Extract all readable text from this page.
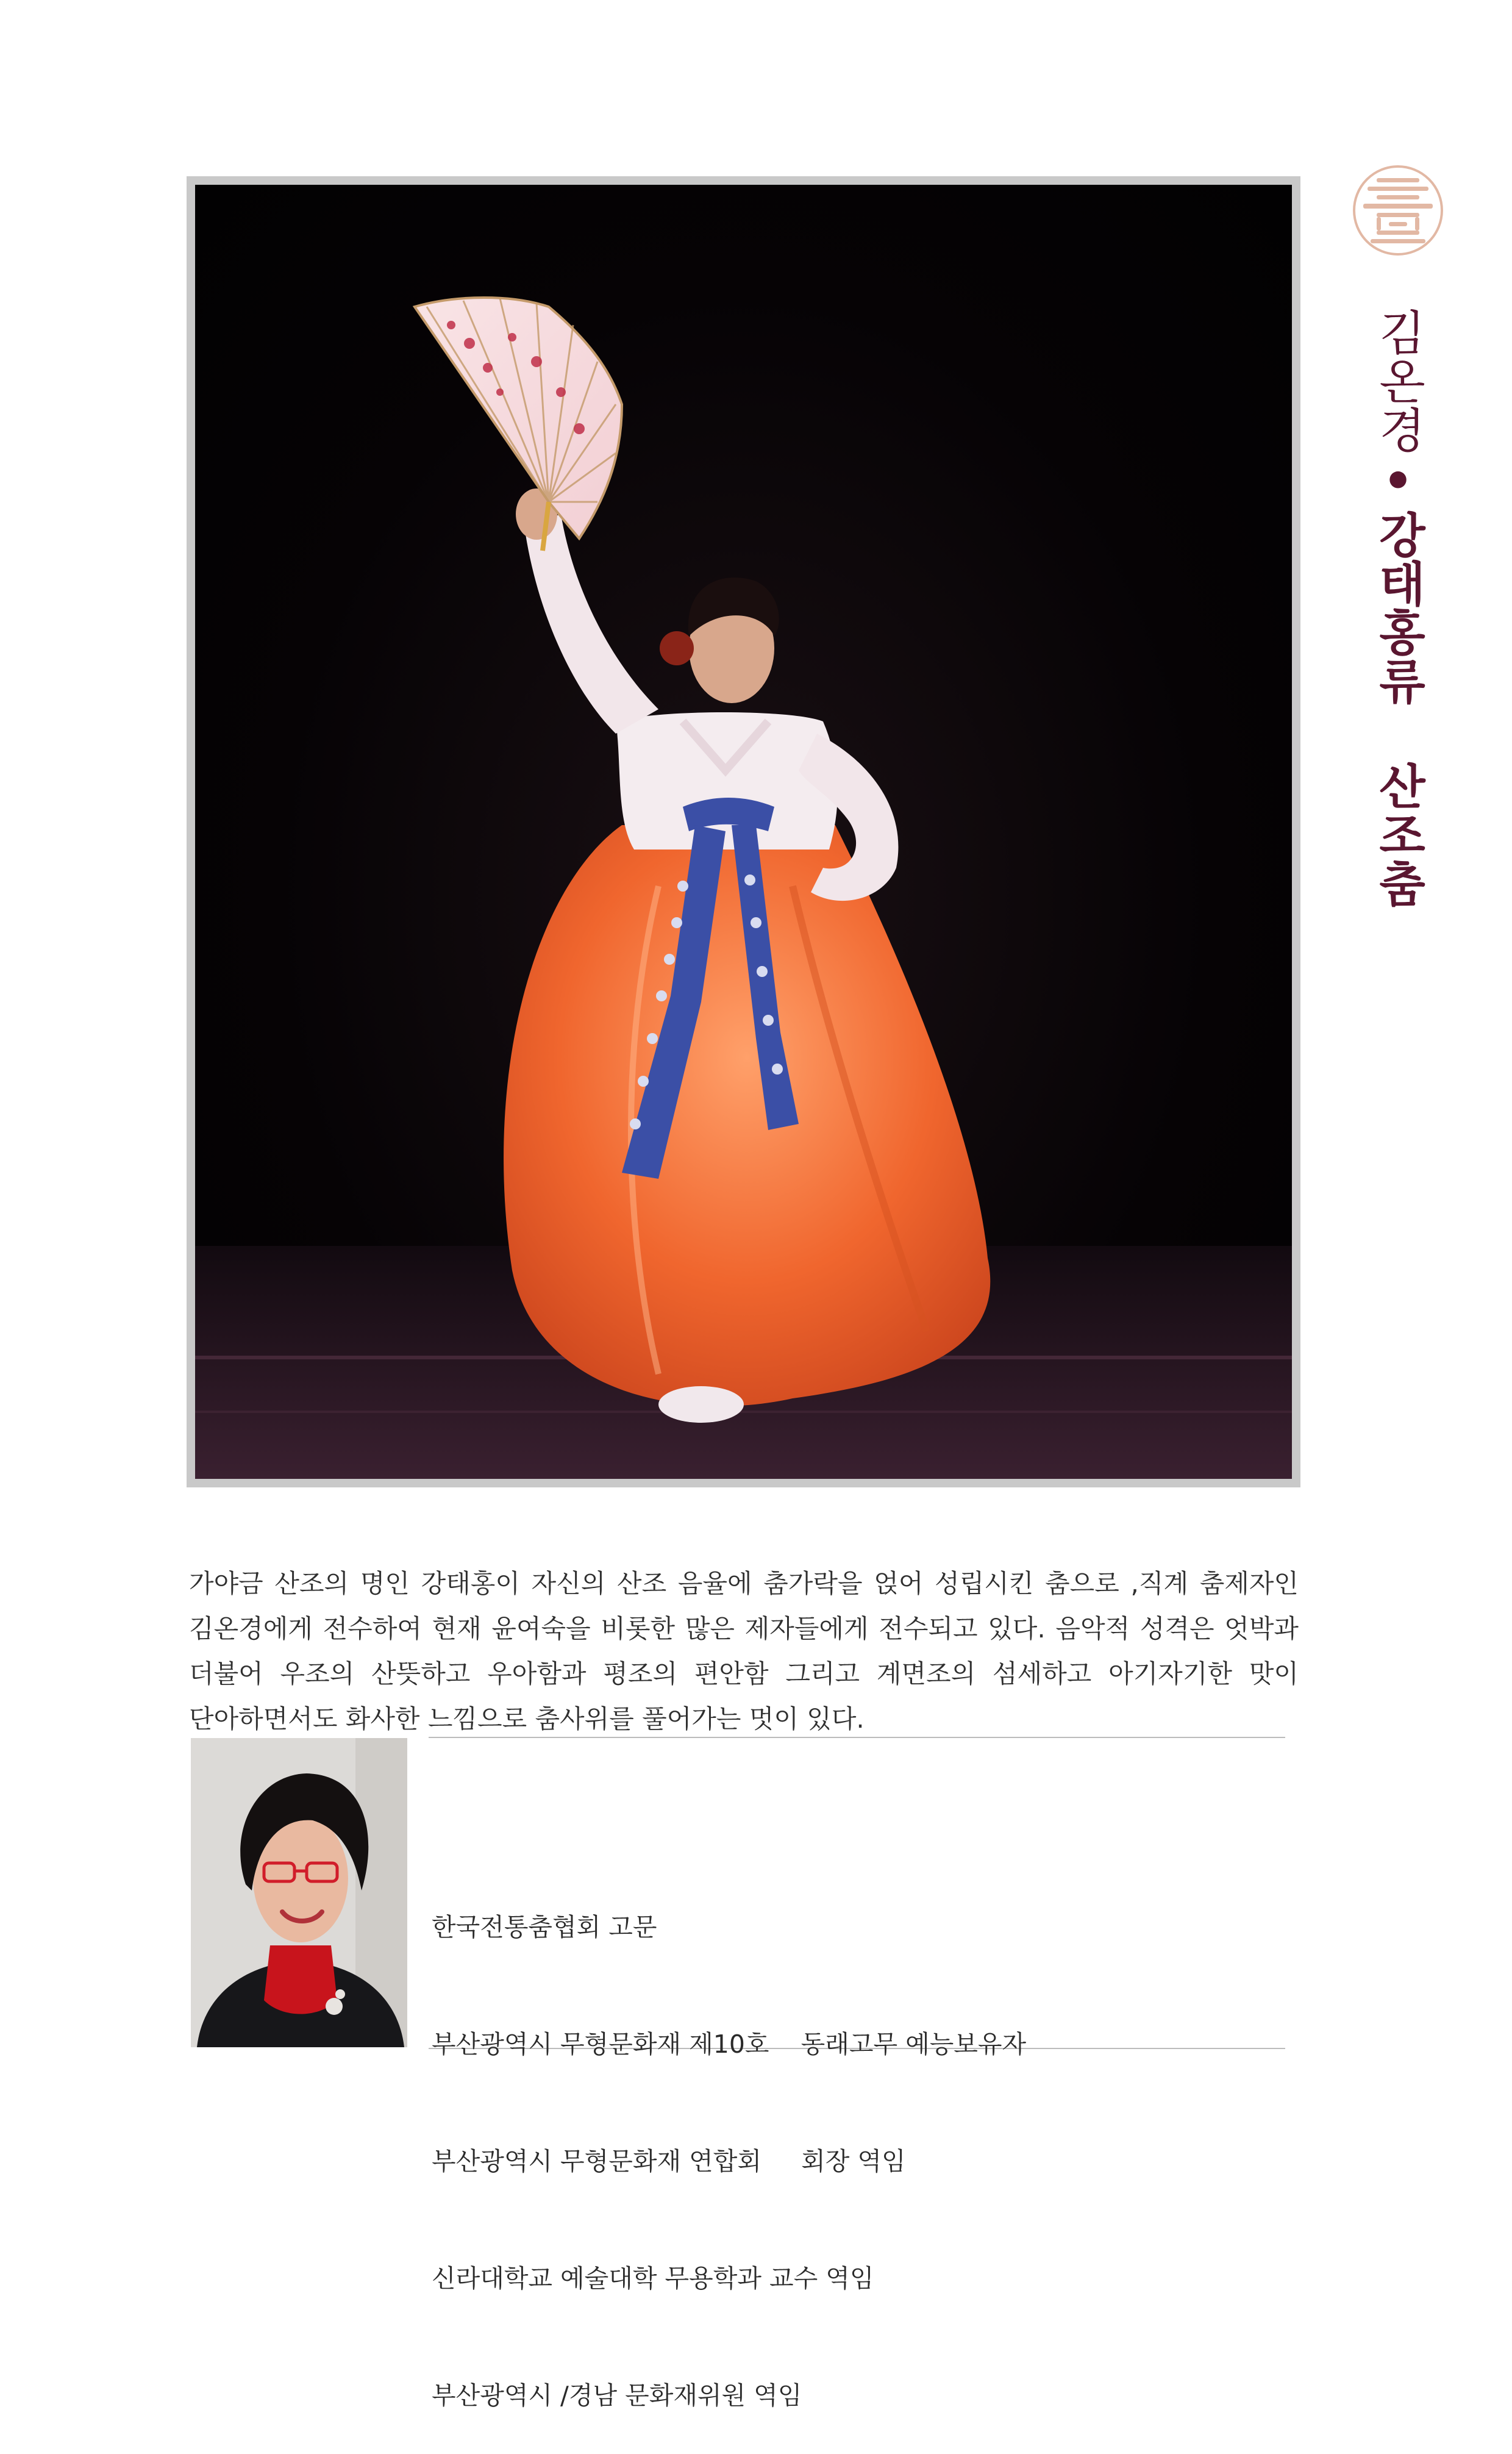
김온경•강태홍류 산조춤

가야금 산조의 명인 강태홍이 자신의 산조 음율에 춤가락을 얹어 성립시킨 춤으로 ,직계 춤제자인 김온경에게 전수하여 현재 윤여숙을 비롯한 많은 제자들에게 전수되고 있다. 음악적 성격은 엇박과 더불어 우조의 산뜻하고 우아함과 평조의 편안함 그리고 계면조의 섬세하고 아기자기한 맛이 단아하면서도 화사한 느낌으로 춤사위를 풀어가는 멋이 있다.

한국전통춤협회 고문

부산광역시 무형문화재 제10호    동래고무 예능보유자

부산광역시 무형문화재 연합회     회장 역임

신라대학교 예술대학 무용학과 교수 역임

부산광역시 /경남 문화재위원 역임
